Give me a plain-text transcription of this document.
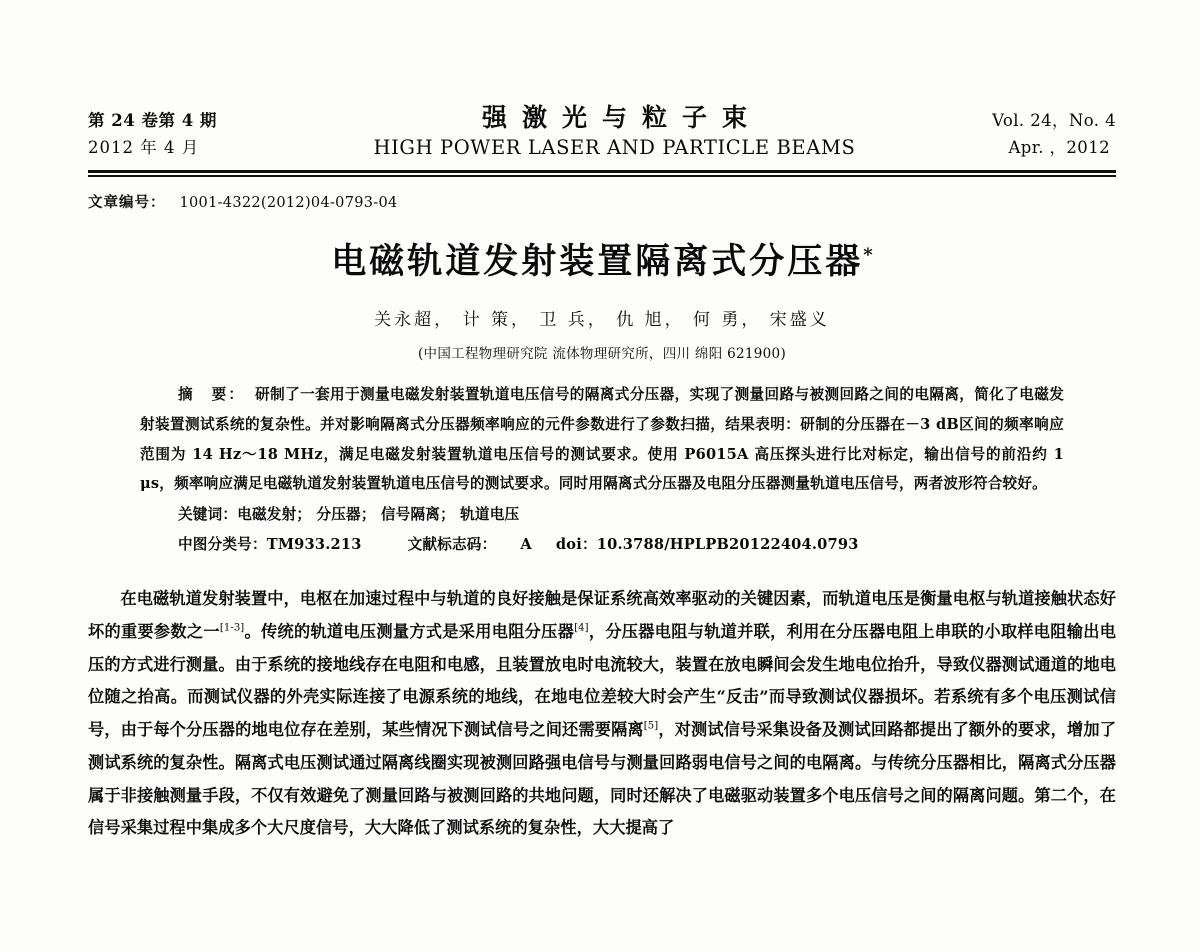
第 24 卷第 4 期
2012 年 4 月
强激光与粒子束
HIGH POWER LASER AND PARTICLE BEAMS
Vol. 24，No. 4
Apr. ，2012
文章编号： 1001-4322(2012)04-0793-04
电磁轨道发射装置隔离式分压器*
关永超， 计 策， 卫 兵， 仇 旭， 何 勇， 宋盛义
(中国工程物理研究院 流体物理研究所，四川 绵阳 621900)
摘　要： 研制了一套用于测量电磁发射装置轨道电压信号的隔离式分压器，实现了测量回路与被测回路之间的电隔离，简化了电磁发射装置测试系统的复杂性。并对影响隔离式分压器频率响应的元件参数进行了参数扫描，结果表明：研制的分压器在－3 dB区间的频率响应范围为 14 Hz～18 MHz，满足电磁发射装置轨道电压信号的测试要求。使用 P6015A 高压探头进行比对标定，输出信号的前沿约 1 μs，频率响应满足电磁轨道发射装置轨道电压信号的测试要求。同时用隔离式分压器及电阻分压器测量轨道电压信号，两者波形符合较好。
关键词：电磁发射； 分压器； 信号隔离； 轨道电压
中图分类号：TM933.213	文献标志码： A doi：10.3788/HPLPB20122404.0793

在电磁轨道发射装置中，电枢在加速过程中与轨道的良好接触是保证系统高效率驱动的关键因素，而轨道电压是衡量电枢与轨道接触状态好坏的重要参数之一[1-3]。传统的轨道电压测量方式是采用电阻分压器[4]，分压器电阻与轨道并联，利用在分压器电阻上串联的小取样电阻输出电压的方式进行测量。由于系统的接地线存在电阻和电感，且装置放电时电流较大，装置在放电瞬间会发生地电位抬升，导致仪器测试通道的地电位随之抬高。而测试仪器的外壳实际连接了电源系统的地线，在地电位差较大时会产生“反击”而导致测试仪器损坏。若系统有多个电压测试信号，由于每个分压器的地电位存在差别，某些情况下测试信号之间还需要隔离[5]，对测试信号采集设备及测试回路都提出了额外的要求，增加了测试系统的复杂性。隔离式电压测试通过隔离线圈实现被测回路强电信号与测量回路弱电信号之间的电隔离。与传统分压器相比，隔离式分压器属于非接触测量手段，不仅有效避免了测量回路与被测回路的共地问题，同时还解决了电磁驱动装置多个电压信号之间的隔离问题。第二个，在信号采集过程中集成多个大尺度信号，大大降低了测试系统的复杂性，大大提高了
